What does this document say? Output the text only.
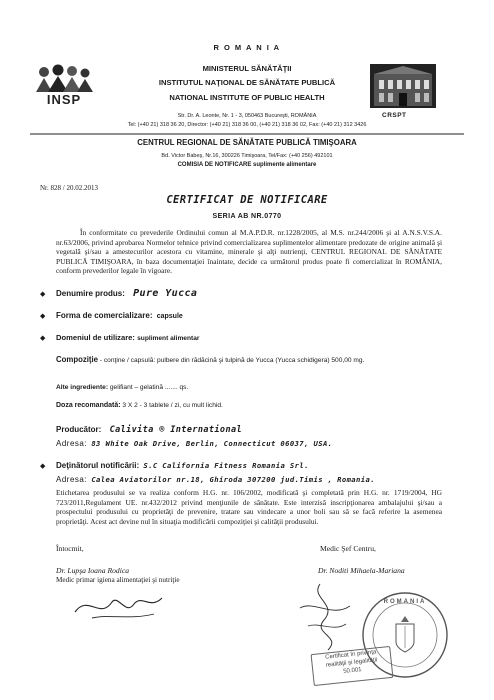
R O M A N I A
INSP
MINISTERUL SĂNĂTĂŢII
INSTITUTUL NAŢIONAL DE SĂNĂTATE PUBLICĂ
NATIONAL INSTITUTE OF PUBLIC HEALTH
CRSPT
Str. Dr. A. Leonte, Nr. 1 - 3, 050463 Bucureşti, ROMÂNIA
Tel: (+40 21) 318 36 20, Director: (+40 21) 318 36 00, (+40 21) 318 36 02, Fax: (+40 21) 312 3426
CENTRUL REGIONAL DE SĂNĂTATE PUBLICĂ TIMIŞOARA
Bd. Victor Babeş, Nr.16, 300226 Timişoara, Tel/Fax: (+40 256) 492101
COMISIA DE NOTIFICARE suplimente alimentare
Nr. 828 / 20.02.2013
CERTIFICAT DE NOTIFICARE
SERIA AB NR.0770
În conformitate cu prevederile Ordinului comun al M.A.P.D.R. nr.1228/2005, al M.S. nr.244/2006 şi al A.N.S.V.S.A. nr.63/2006, privind aprobarea Normelor tehnice privind comercializarea suplimentelor alimentare predozate de origine animală şi vegetală şi/sau a amestecurilor acestora cu vitamine, minerale şi alţi nutrienţi, CENTRUL REGIONAL DE SĂNĂTATE PUBLICĂ TIMIŞOARA, în baza documentaţiei înaintate, decide ca următorul produs poate fi comercializat în ROMÂNIA, conform prevederilor legale în vigoare.
◆ Denumire produs: Pure Yucca
◆ Forma de comercializare: capsule
◆ Domeniul de utilizare: supliment alimentar
Compoziţie - conţine / capsulă: pulbere din rădăcină şi tulpină de Yucca (Yucca schidigera) 500,00 mg.
Alte ingrediente: gelifiant – gelatină ....... qs.
Doza recomandată: 3 X 2 - 3 tablete / zi, cu mult lichid.
Producător: Calivita ® International
Adresa: 83 White Oak Drive, Berlin, Connecticut 06037, USA.
◆ Deţinătorul notificării: S.C California Fitness Romania Srl.
Adresa: Calea Aviatorilor nr.18, Ghiroda 307200 jud.Timis , Romania.
Etichetarea produsului se va realiza conform H.G. nr. 106/2002, modificată şi completată prin H.G. nr. 1719/2004, HG 723/2011,Regulament UE. nr.432/2012 privind menţiunile de sănătate. Este interzisă inscripţionarea ambalajului şi/sau a prospectului produsului cu proprietăţi de prevenire, tratare sau vindecare a unor boli sau să se facă referire la asemenea proprietăţi. Acest act devine nul în situaţia modificării compoziţiei şi calităţii produsului.
Întocmit,	Medic Şef Centru,
Dr. Lupşa Ioana Rodica	Dr. Noditi Mihaela-Mariana
Medic primar igiena alimentaţiei şi nutriţie
ROMANIA
Certificat în privinţa
realităţii şi legalităţii
50.001
